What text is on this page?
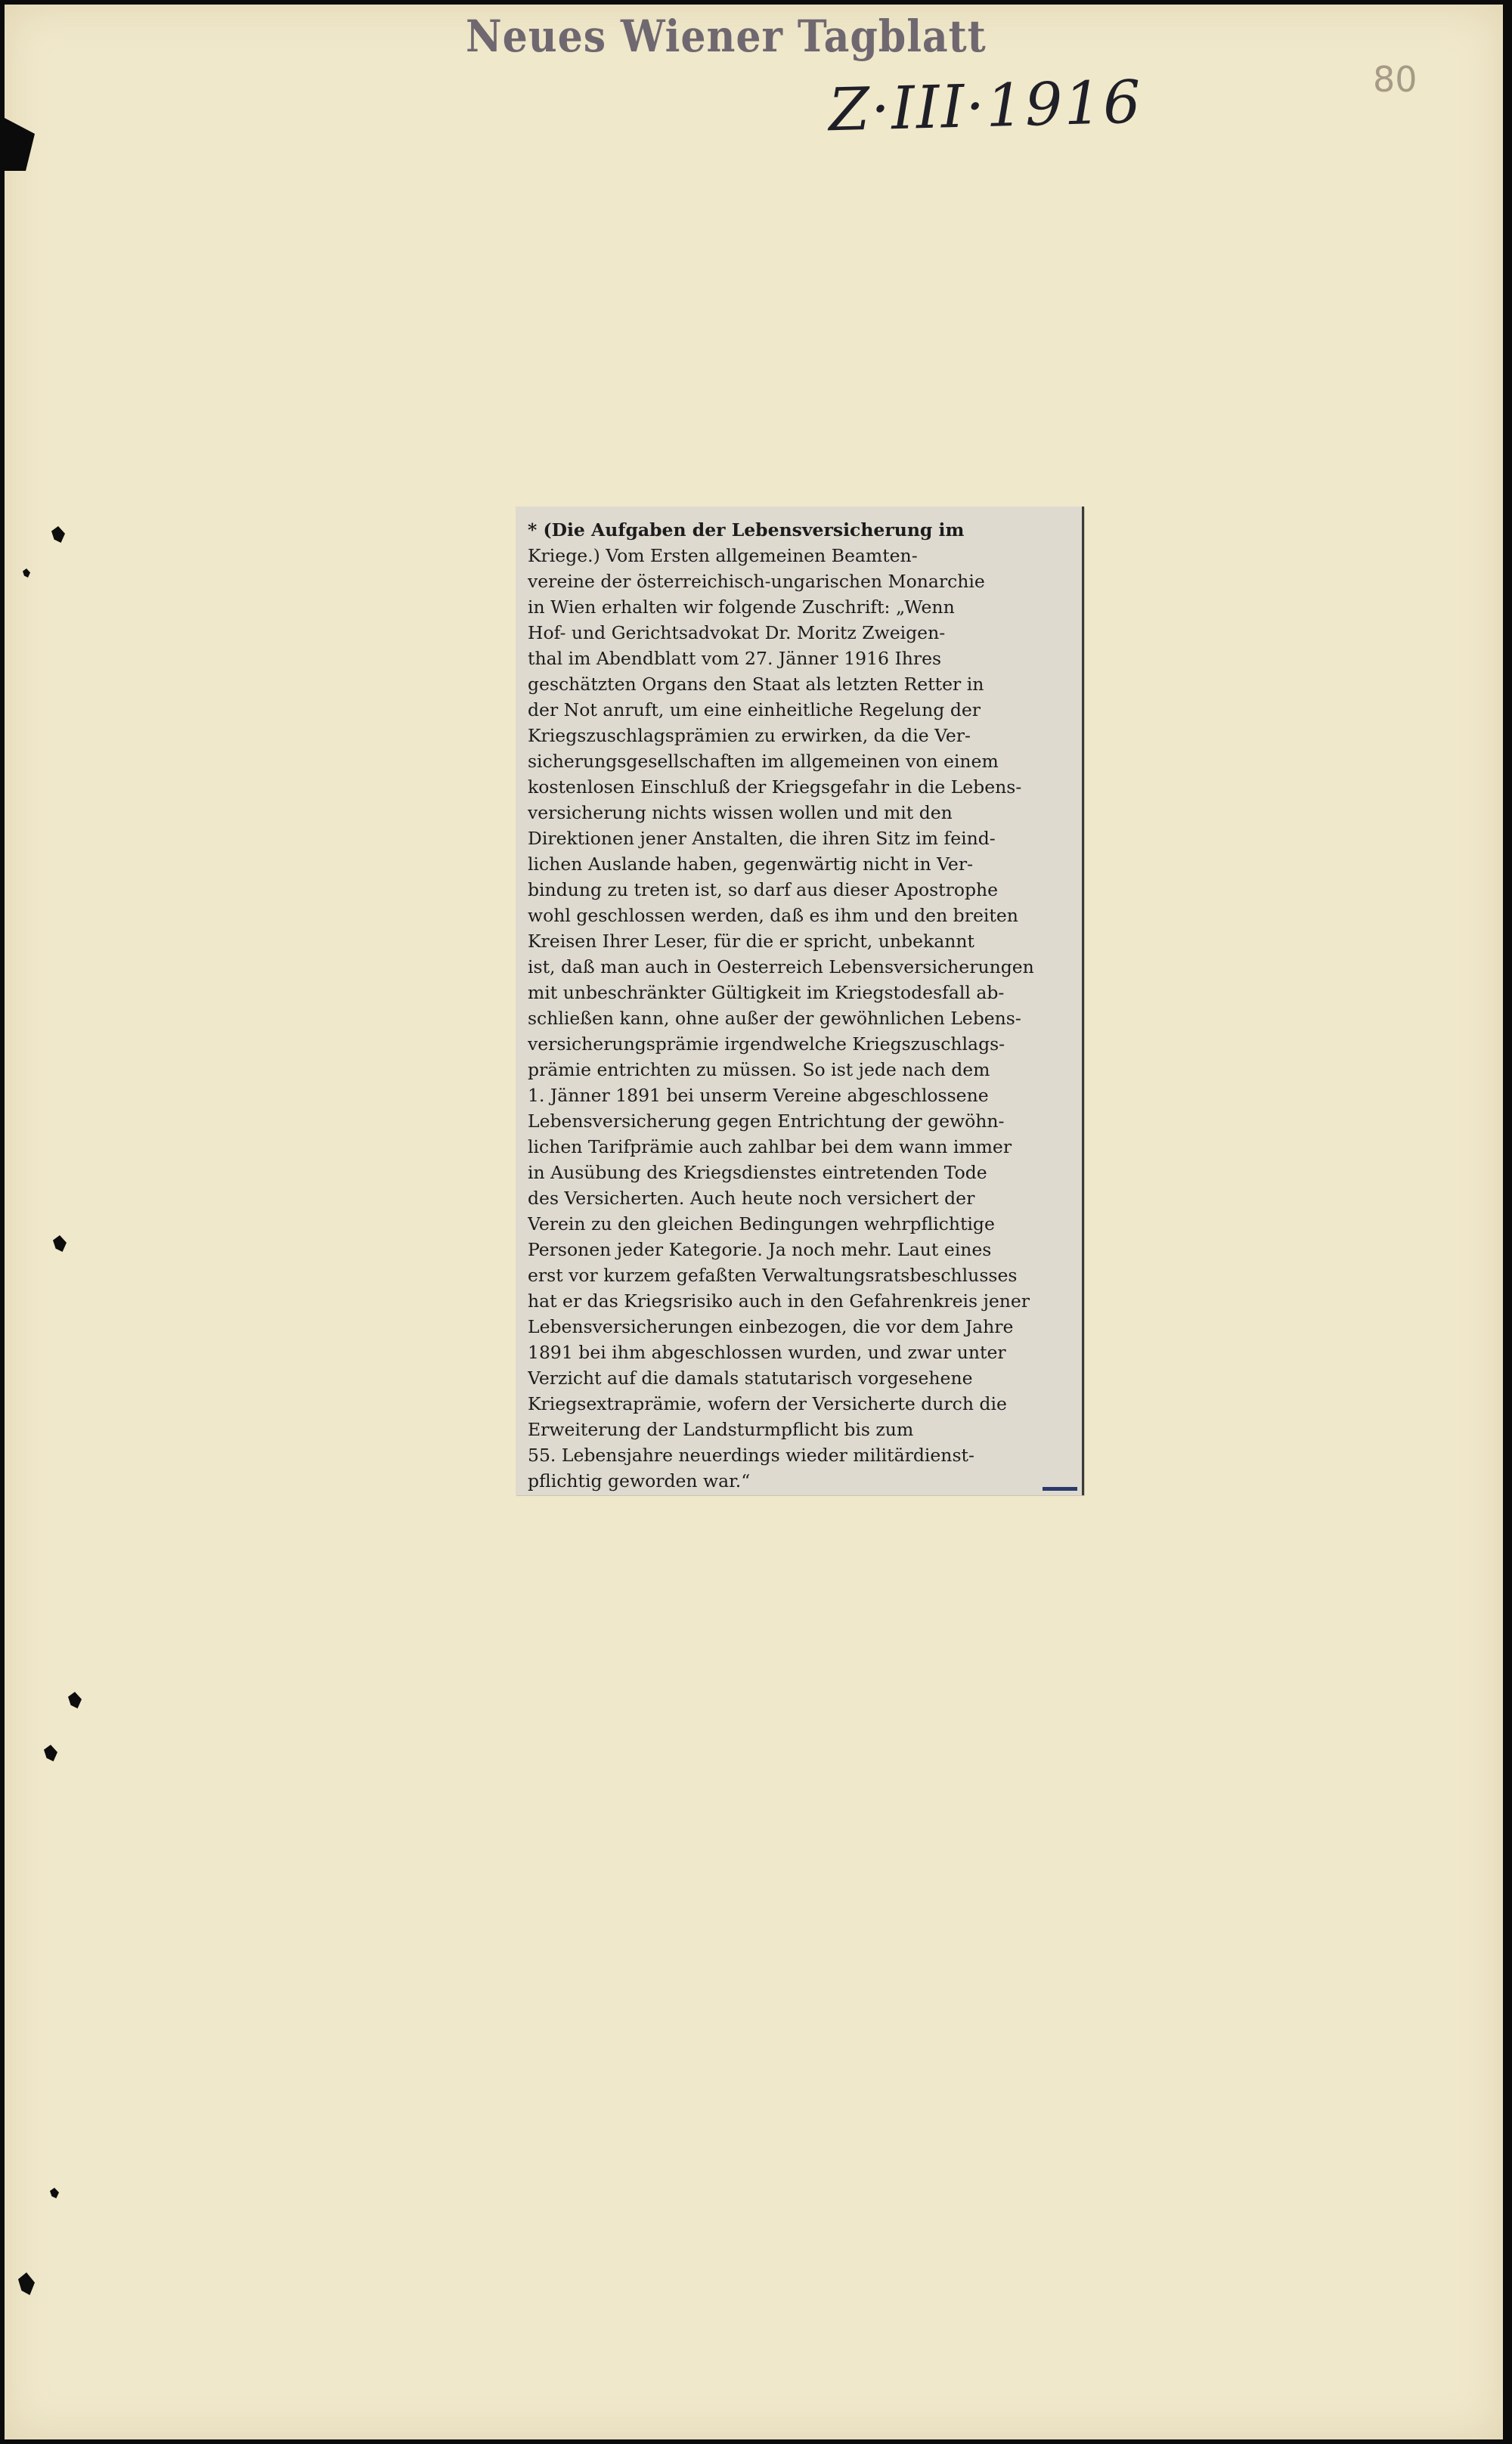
Neues Wiener Tagblatt
Z·III·1916	80
* (Die Aufgaben der Lebensversicherung im
Kriege.) Vom Ersten allgemeinen Beamten-
vereine der österreichisch-ungarischen Monarchie
in Wien erhalten wir folgende Zuschrift: „Wenn
Hof- und Gerichtsadvokat Dr. Moritz Zweigen-
thal im Abendblatt vom 27. Jänner 1916 Ihres
geschätzten Organs den Staat als letzten Retter in
der Not anruft, um eine einheitliche Regelung der
Kriegszuschlagsprämien zu erwirken, da die Ver-
sicherungsgesellschaften im allgemeinen von einem
kostenlosen Einschluß der Kriegsgefahr in die Lebens-
versicherung nichts wissen wollen und mit den
Direktionen jener Anstalten, die ihren Sitz im feind-
lichen Auslande haben, gegenwärtig nicht in Ver-
bindung zu treten ist, so darf aus dieser Apostrophe
wohl geschlossen werden, daß es ihm und den breiten
Kreisen Ihrer Leser, für die er spricht, unbekannt
ist, daß man auch in Oesterreich Lebensversicherungen
mit unbeschränkter Gültigkeit im Kriegstodesfall ab-
schließen kann, ohne außer der gewöhnlichen Lebens-
versicherungsprämie irgendwelche Kriegszuschlags-
prämie entrichten zu müssen. So ist jede nach dem
1. Jänner 1891 bei unserm Vereine abgeschlossene
Lebensversicherung gegen Entrichtung der gewöhn-
lichen Tarifprämie auch zahlbar bei dem wann immer
in Ausübung des Kriegsdienstes eintretenden Tode
des Versicherten. Auch heute noch versichert der
Verein zu den gleichen Bedingungen wehrpflichtige
Personen jeder Kategorie. Ja noch mehr. Laut eines
erst vor kurzem gefaßten Verwaltungsratsbeschlusses
hat er das Kriegsrisiko auch in den Gefahrenkreis jener
Lebensversicherungen einbezogen, die vor dem Jahre
1891 bei ihm abgeschlossen wurden, und zwar unter
Verzicht auf die damals statutarisch vorgesehene
Kriegsextraprämie, wofern der Versicherte durch die
Erweiterung der Landsturmpflicht bis zum
55. Lebensjahre neuerdings wieder militärdienst-
pflichtig geworden war.“
